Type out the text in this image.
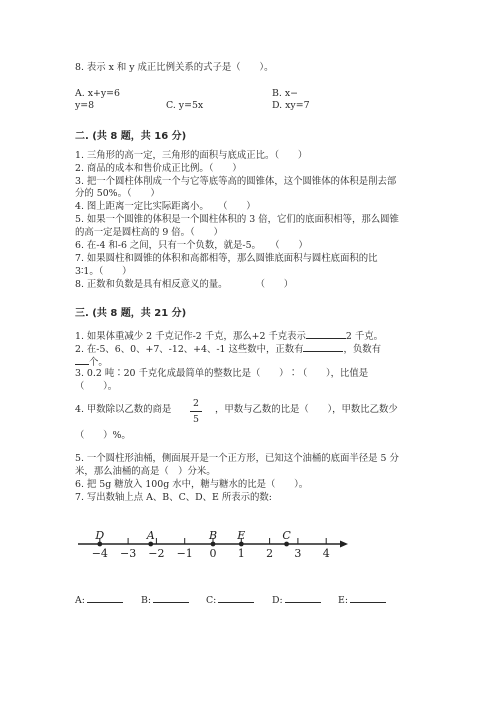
8. 表示 x 和 y 成正比例关系的式子是（　　）。
A. x+y=6	B. x−
y=8	C. y=5x	D. xy=7
二. (共 8 题，共 16 分)
1. 三角形的高一定，三角形的面积与底成正比。（　　）
2. 商品的成本和售价成正比例。（　　）
3. 把一个圆柱体削成一个与它等底等高的圆锥体，这个圆锥体的体积是削去部
分的 50%。（　　）
4. 图上距离一定比实际距离小。　　（　　）
5. 如果一个圆锥的体积是一个圆柱体积的 3 倍，它们的底面积相等，那么圆锥
的高一定是圆柱高的 9 倍。（　　）
6. 在-4 和-6 之间，只有一个负数，就是-5。　　（　　）
7. 如果圆柱和圆锥的体积和高都相等，那么圆锥底面积与圆柱底面积的比
3∶1。（　　）
8. 正数和负数是具有相反意义的量。　　　　（　　）
三. (共 8 题，共 21 分)
1. 如果体重减少 2 千克记作-2 千克，那么+2 千克表示	2 千克。
2. 在-5、6、0、+7、-12、+4、-1 这些数中，正数有	，负数有
个。
3. 0.2 吨∶20 千克化成最简单的整数比是（　　）∶（　　），比值是
（　　）。
4. 甲数除以乙数的商是
2
5
，甲数与乙数的比是（　　），甲数比乙数少
（　　）%。
5. 一个圆柱形油桶，侧面展开是一个正方形，已知这个油桶的底面半径是 5 分
米，那么油桶的高是（　）分米。
6. 把 5g 糖放入 100g 水中，糖与糖水的比是（　　）。
7. 写出数轴上点 A、B、C、D、E 所表示的数:
−4 −3 −2 −1 0 1 2 3 4
D	A	B E	C
A:	B:	C:	D:	E:
